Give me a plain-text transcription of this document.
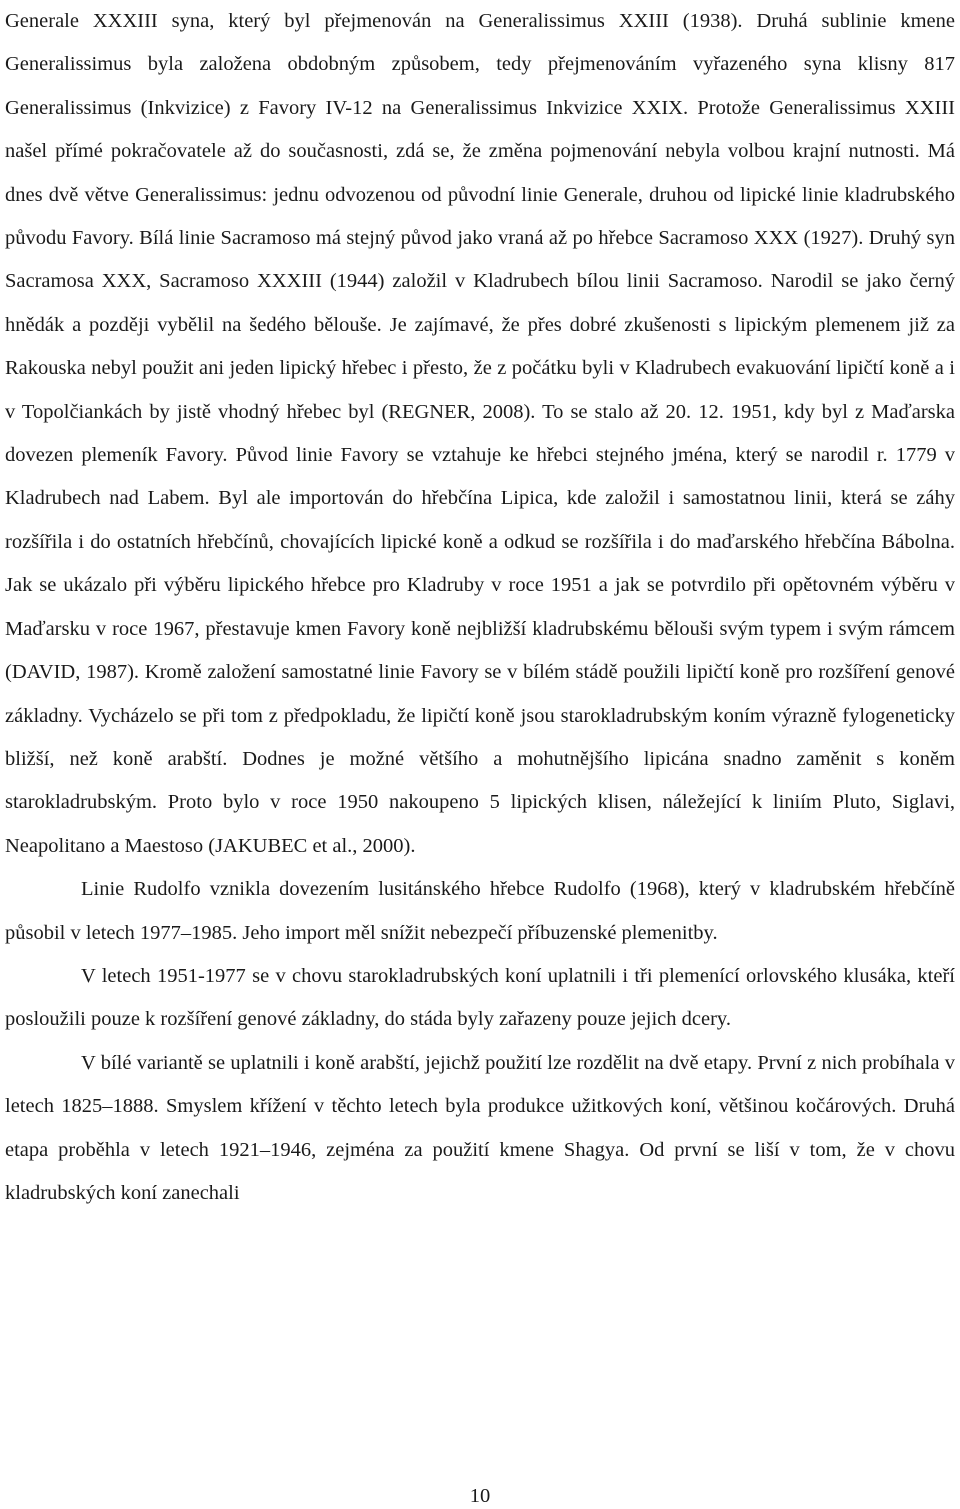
Generale XXXIII syna, který byl přejmenován na Generalissimus XXIII (1938). Druhá sublinie kmene Generalissimus byla založena obdobným způsobem, tedy přejmenováním vyřazeného syna klisny 817 Generalissimus (Inkvizice) z Favory IV-12 na Generalissimus Inkvizice XXIX. Protože Generalissimus XXIII našel přímé pokračovatele až do současnosti, zdá se, že změna pojmenování nebyla volbou krajní nutnosti. Má dnes dvě větve Generalissimus: jednu odvozenou od původní linie Generale, druhou od lipické linie kladrubského původu Favory. Bílá linie Sacramoso má stejný původ jako vraná až po hřebce Sacramoso XXX (1927). Druhý syn Sacramosa XXX, Sacramoso XXXIII (1944) založil v Kladrubech bílou linii Sacramoso. Narodil se jako černý hnědák a později vybělil na šedého bělouše. Je zajímavé, že přes dobré zkušenosti s lipickým plemenem již za Rakouska nebyl použit ani jeden lipický hřebec i přesto, že z počátku byli v Kladrubech evakuování lipičtí koně a i v Topolčiankách by jistě vhodný hřebec byl (REGNER, 2008). To se stalo až 20. 12. 1951, kdy byl z Maďarska dovezen plemeník Favory. Původ linie Favory se vztahuje ke hřebci stejného jména, který se narodil r. 1779 v Kladrubech nad Labem. Byl ale importován do hřebčína Lipica, kde založil i samostatnou linii, která se záhy rozšířila i do ostatních hřebčínů, chovajících lipické koně a odkud se rozšířila i do maďarského hřebčína Bábolna. Jak se ukázalo při výběru lipického hřebce pro Kladruby v roce 1951 a jak se potvrdilo při opětovném výběru v Maďarsku v roce 1967, přestavuje kmen Favory koně nejbližší kladrubskému bělouši svým typem i svým rámcem (DAVID, 1987). Kromě založení samostatné linie Favory se v bílém stádě použili lipičtí koně pro rozšíření genové základny. Vycházelo se při tom z předpokladu, že lipičtí koně jsou starokladrubským koním výrazně fylogeneticky bližší, než koně arabští. Dodnes je možné většího a mohutnějšího lipicána snadno zaměnit s koněm starokladrubským. Proto bylo v roce 1950 nakoupeno 5 lipických klisen, náležející k liniím Pluto, Siglavi, Neapolitano a Maestoso (JAKUBEC et al., 2000).

Linie Rudolfo vznikla dovezením lusitánského hřebce Rudolfo (1968), který v kladrubském hřebčíně působil v letech 1977–1985. Jeho import měl snížit nebezpečí příbuzenské plemenitby.

V letech 1951-1977 se v chovu starokladrubských koní uplatnili i tři plemenící orlovského klusáka, kteří posloužili pouze k rozšíření genové základny, do stáda byly zařazeny pouze jejich dcery.

V bílé variantě se uplatnili i koně arabští, jejichž použití lze rozdělit na dvě etapy. První z nich probíhala v letech 1825–1888. Smyslem křížení v těchto letech byla produkce užitkových koní, většinou kočárových. Druhá etapa proběhla v letech 1921–1946, zejména za použití kmene Shagya. Od první se liší v tom, že v chovu kladrubských koní zanechali

10
